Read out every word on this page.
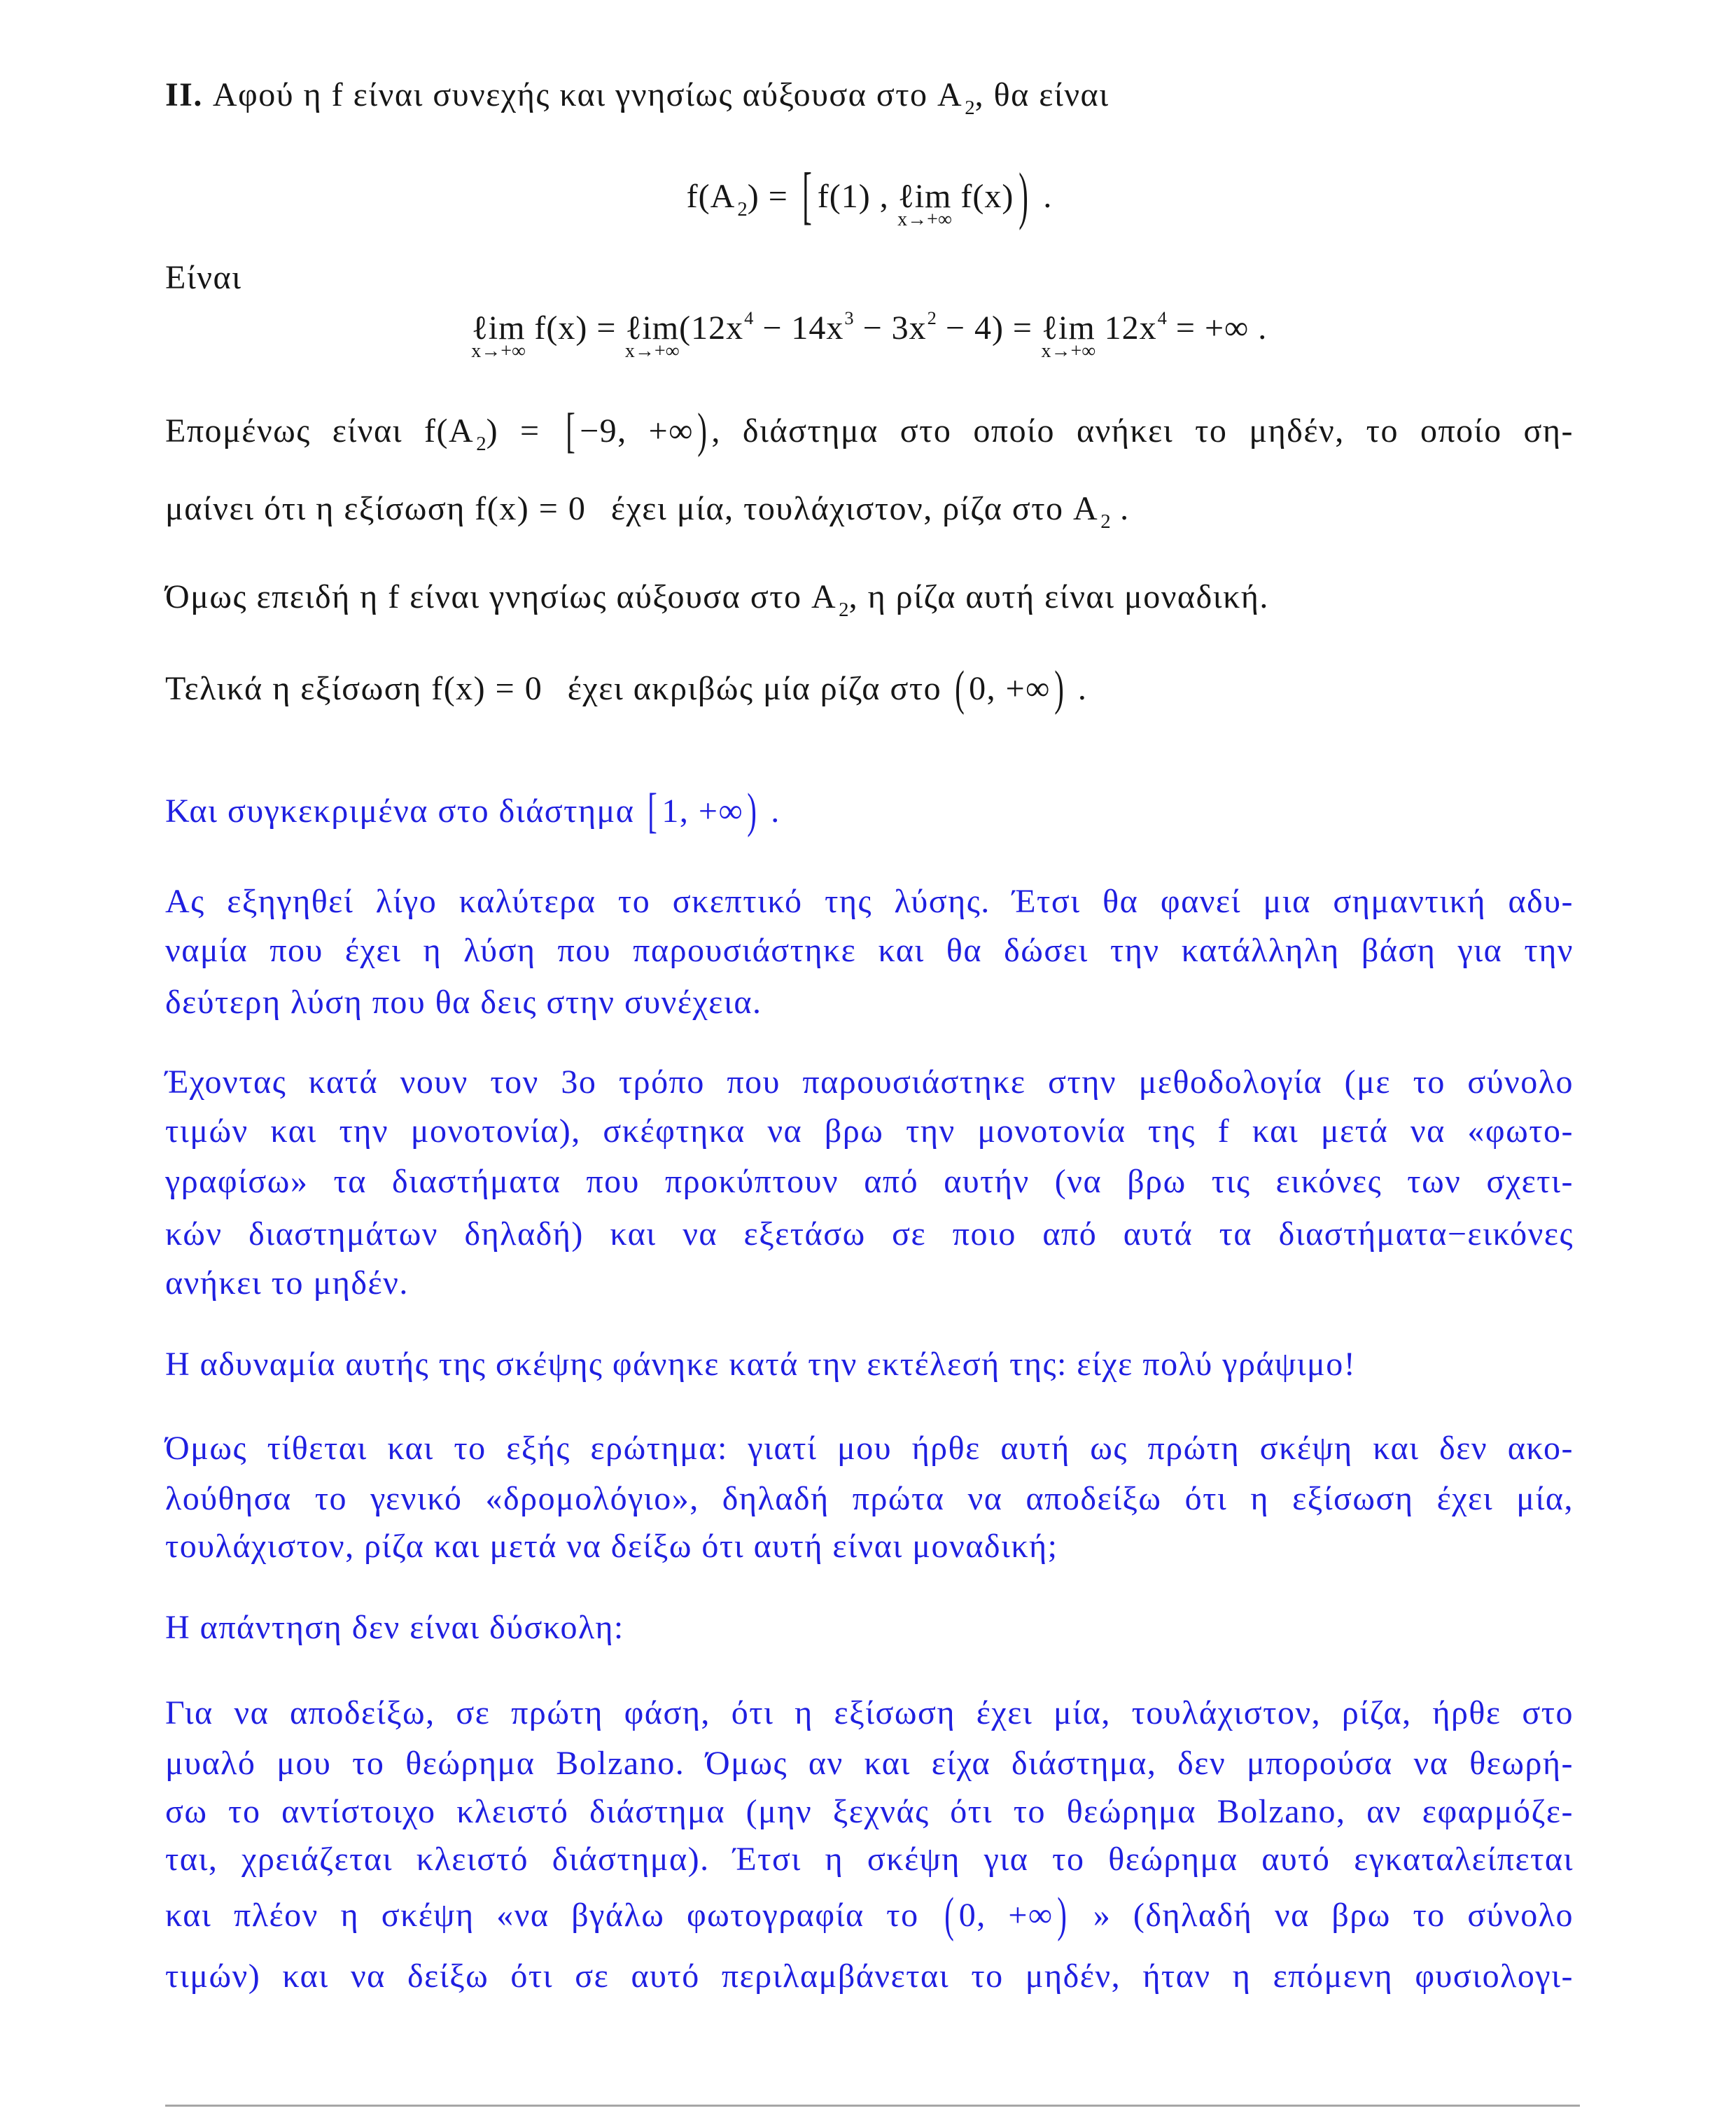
II. Αφού η f είναι συνεχής και γνησίως αύξουσα στο A $_2$, θα είναι
f(A $_2$) = [ f(1) , ℓim
x→+∞
f(x) ) .
Είναι
ℓim
x→+∞
f(x) = ℓim
x→+∞
$(12x^4 - 14x^3 - 3x^2 - 4)$ = ℓim
x→+∞
$12x^4$ = +∞ .
Επομένως είναι f(A $_2$) = [ −9, +∞ ) , διάστημα στο οποίο ανήκει το μηδέν, το οποίο ση-
μαίνει ότι η εξίσωση f(x) = 0 έχει μία, τουλάχιστον, ρίζα στο A $_2$ .
Όμως επειδή η f είναι γνησίως αύξουσα στο A $_2$, η ρίζα αυτή είναι μοναδική.
Τελικά η εξίσωση f(x) = 0 έχει ακριβώς μία ρίζα στο ( 0, +∞ ) .
Και συγκεκριμένα στο διάστημα [ 1, +∞ ) .
Ας εξηγηθεί λίγο καλύτερα το σκεπτικό της λύσης. Έτσι θα φανεί μια σημαντική αδυ-
ναμία που έχει η λύση που παρουσιάστηκε και θα δώσει την κατάλληλη βάση για την
δεύτερη λύση που θα δεις στην συνέχεια.
Έχοντας κατά νουν τον 3ο τρόπο που παρουσιάστηκε στην μεθοδολογία (με το σύνολο
τιμών και την μονοτονία), σκέφτηκα να βρω την μονοτονία της f και μετά να «φωτο-
γραφίσω» τα διαστήματα που προκύπτουν από αυτήν (να βρω τις εικόνες των σχετι-
κών διαστημάτων δηλαδή) και να εξετάσω σε ποιο από αυτά τα διαστήματα−εικόνες
ανήκει το μηδέν.
Η αδυναμία αυτής της σκέψης φάνηκε κατά την εκτέλεσή της: είχε πολύ γράψιμο!
Όμως τίθεται και το εξής ερώτημα: γιατί μου ήρθε αυτή ως πρώτη σκέψη και δεν ακο-
λούθησα το γενικό «δρομολόγιο», δηλαδή πρώτα να αποδείξω ότι η εξίσωση έχει μία,
τουλάχιστον, ρίζα και μετά να δείξω ότι αυτή είναι μοναδική;
Η απάντηση δεν είναι δύσκολη:
Για να αποδείξω, σε πρώτη φάση, ότι η εξίσωση έχει μία, τουλάχιστον, ρίζα, ήρθε στο
μυαλό μου το θεώρημα Bolzano. Όμως αν και είχα διάστημα, δεν μπορούσα να θεωρή-
σω το αντίστοιχο κλειστό διάστημα (μην ξεχνάς ότι το θεώρημα Bolzano, αν εφαρμόζε-
ται, χρειάζεται κλειστό διάστημα). Έτσι η σκέψη για το θεώρημα αυτό εγκαταλείπεται
και πλέον η σκέψη «να βγάλω φωτογραφία το ( 0, +∞ ) » (δηλαδή να βρω το σύνολο
τιμών) και να δείξω ότι σε αυτό περιλαμβάνεται το μηδέν, ήταν η επόμενη φυσιολογι-
